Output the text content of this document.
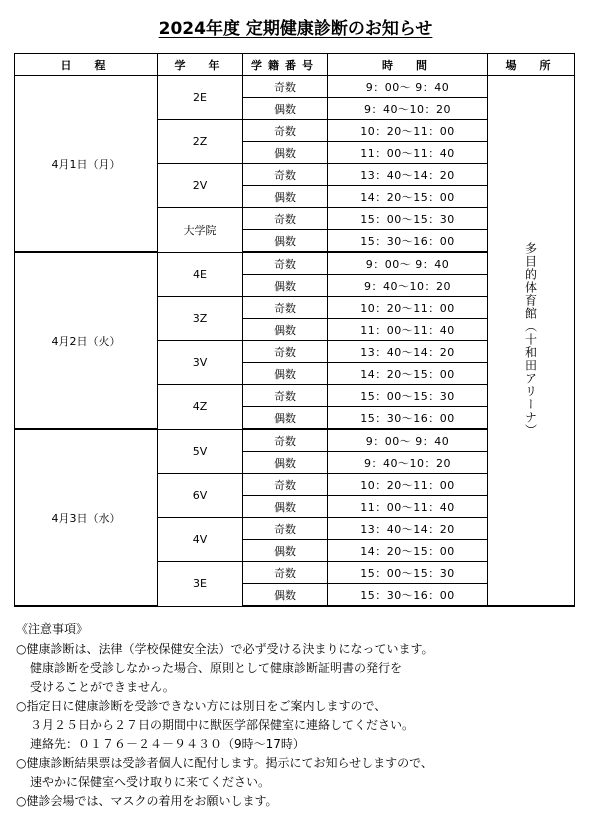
2024年度 定期健康診断のお知らせ
日　程	学　年	学籍番号	時　間	場　所
4月1日（月）	2E	奇数	9：00～ 9：40	多目的体育館（十和田アリーナ）
		偶数	9：40～10：20	
	2Z	奇数	10：20～11：00	
		偶数	11：00～11：40	
	2V	奇数	13：40～14：20	
		偶数	14：20～15：00	
	大学院	奇数	15：00～15：30	
		偶数	15：30～16：00	
4月2日（火）	4E	奇数	9：00～ 9：40	
		偶数	9：40～10：20	
	3Z	奇数	10：20～11：00	
		偶数	11：00～11：40	
	3V	奇数	13：40～14：20	
		偶数	14：20～15：00	
	4Z	奇数	15：00～15：30	
		偶数	15：30～16：00	
4月3日（水）	5V	奇数	9：00～ 9：40	
		偶数	9：40～10：20	
	6V	奇数	10：20～11：00	
		偶数	11：00～11：40	
	4V	奇数	13：40～14：20	
		偶数	14：20～15：00	
	3E	奇数	15：00～15：30	
		偶数	15：30～16：00	
《注意事項》
○健康診断は、法律（学校保健安全法）で必ず受ける決まりになっています。
健康診断を受診しなかった場合、原則として健康診断証明書の発行を
受けることができません。
○指定日に健康診断を受診できない方には別日をご案内しますので、
３月２５日から２７日の期間中に獣医学部保健室に連絡してください。
連絡先：０１７６－２４－９４３０（9時～17時）
○健康診断結果票は受診者個人に配付します。掲示にてお知らせしますので、
速やかに保健室へ受け取りに来てください。
○健診会場では、マスクの着用をお願いします。
